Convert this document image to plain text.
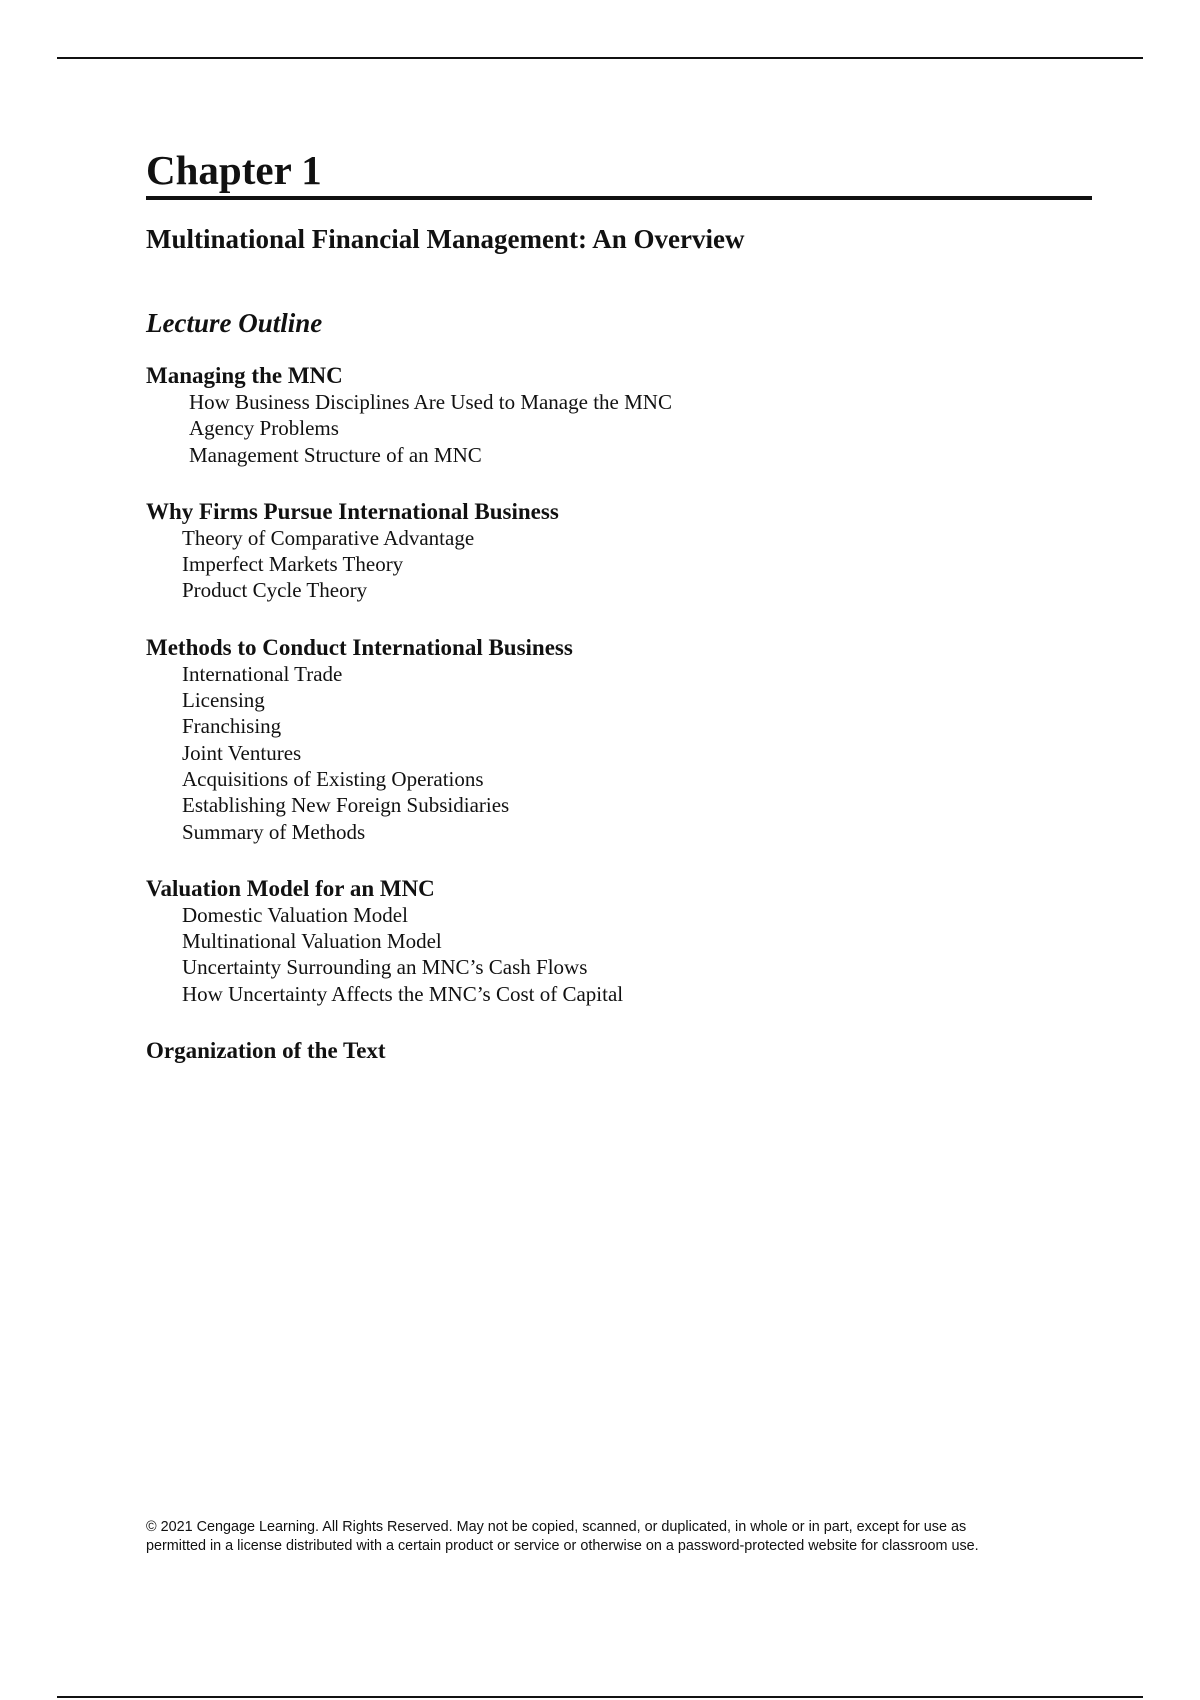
Chapter 1
Multinational Financial Management: An Overview
Lecture Outline
Managing the MNC
How Business Disciplines Are Used to Manage the MNC
Agency Problems
Management Structure of an MNC
Why Firms Pursue International Business
Theory of Comparative Advantage
Imperfect Markets Theory
Product Cycle Theory
Methods to Conduct International Business
International Trade
Licensing
Franchising
Joint Ventures
Acquisitions of Existing Operations
Establishing New Foreign Subsidiaries
Summary of Methods
Valuation Model for an MNC
Domestic Valuation Model
Multinational Valuation Model
Uncertainty Surrounding an MNC’s Cash Flows
How Uncertainty Affects the MNC’s Cost of Capital
Organization of the Text
© 2021 Cengage Learning. All Rights Reserved. May not be copied, scanned, or duplicated, in whole or in part, except for use as
permitted in a license distributed with a certain product or service or otherwise on a password-protected website for classroom use.
